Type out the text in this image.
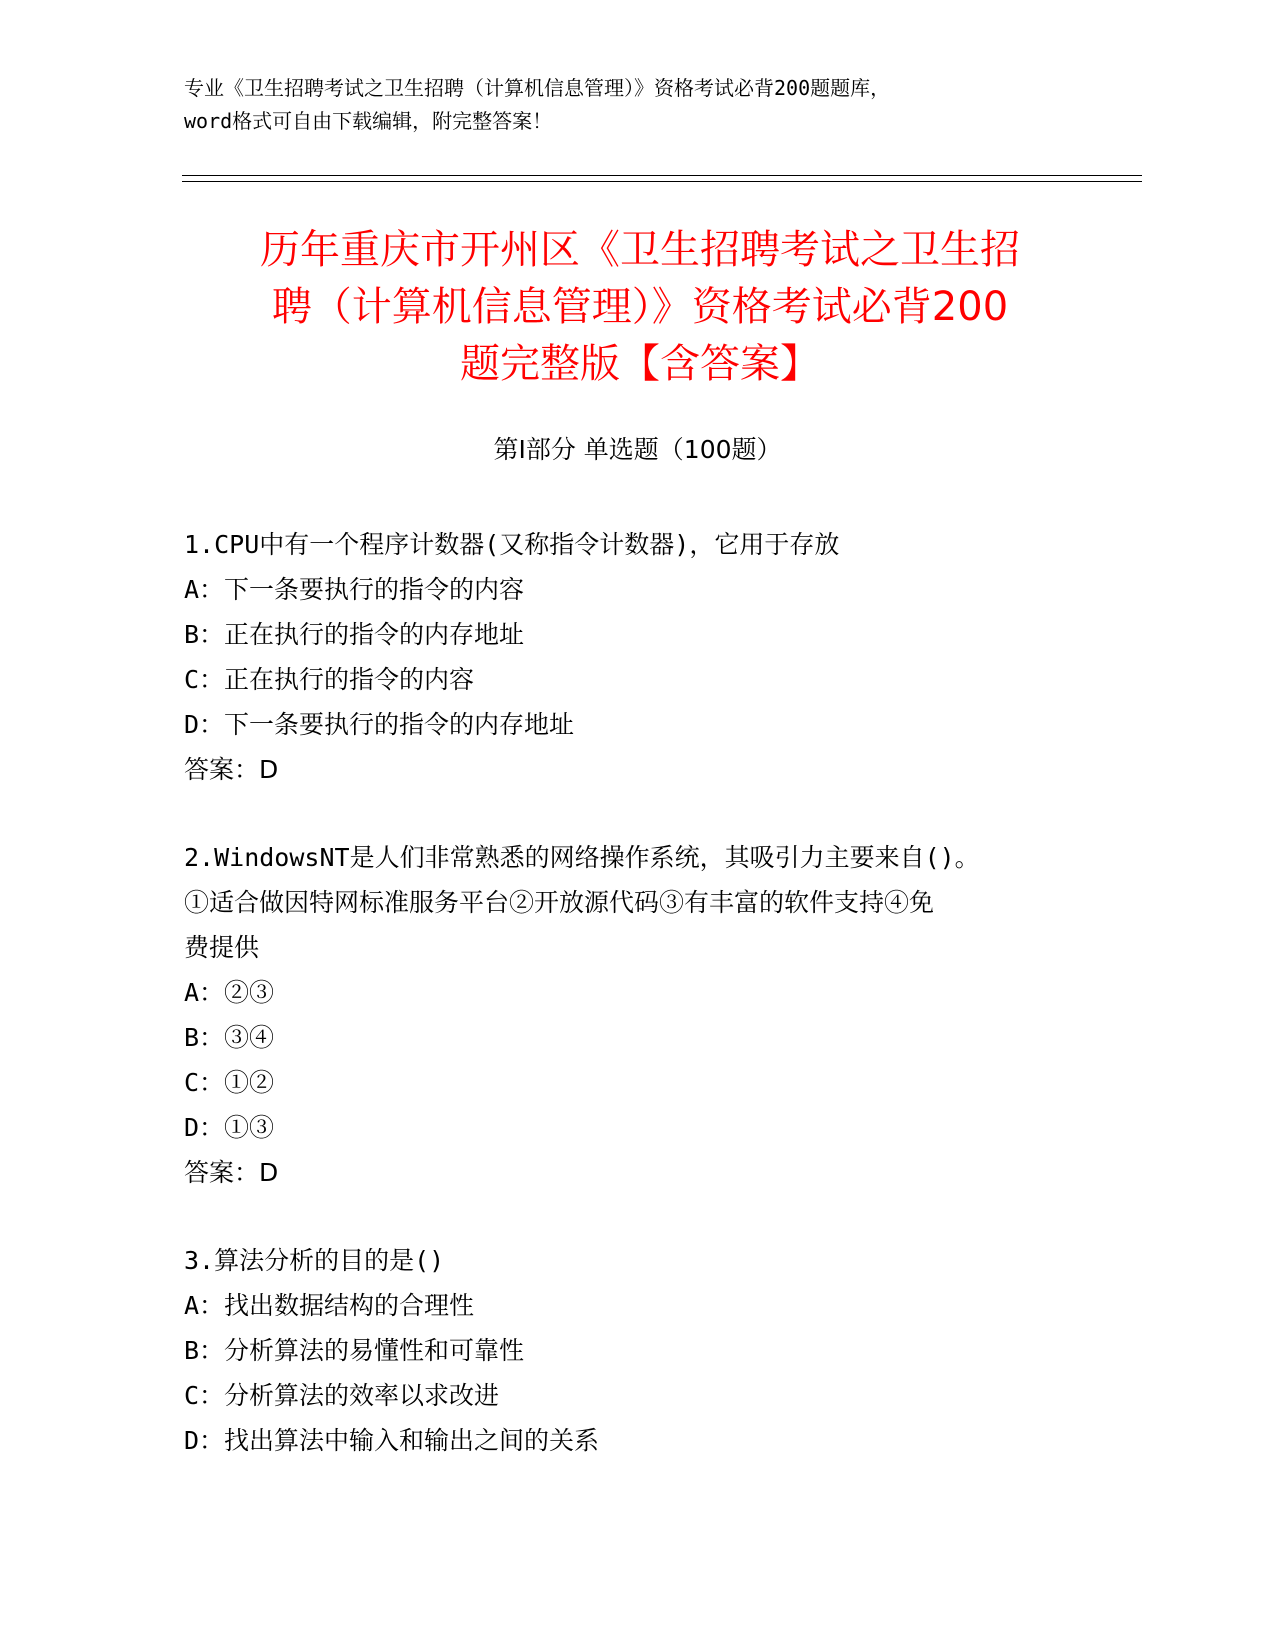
专业《卫生招聘考试之卫生招聘（计算机信息管理）》资格考试必背200题题库，
word格式可自由下载编辑，附完整答案！
历年重庆市开州区《卫生招聘考试之卫生招
聘（计算机信息管理）》资格考试必背200
题完整版【含答案】
第I部分 单选题（100题）
1.CPU中有一个程序计数器(又称指令计数器)，它用于存放
A：下一条要执行的指令的内容
B：正在执行的指令的内存地址
C：正在执行的指令的内容
D：下一条要执行的指令的内存地址
答案：D
2.WindowsNT是人们非常熟悉的网络操作系统，其吸引力主要来自()。
①适合做因特网标准服务平台②开放源代码③有丰富的软件支持④免
费提供
A：②③
B：③④
C：①②
D：①③
答案：D
3.算法分析的目的是()
A：找出数据结构的合理性
B：分析算法的易懂性和可靠性
C：分析算法的效率以求改进
D：找出算法中输入和输出之间的关系
